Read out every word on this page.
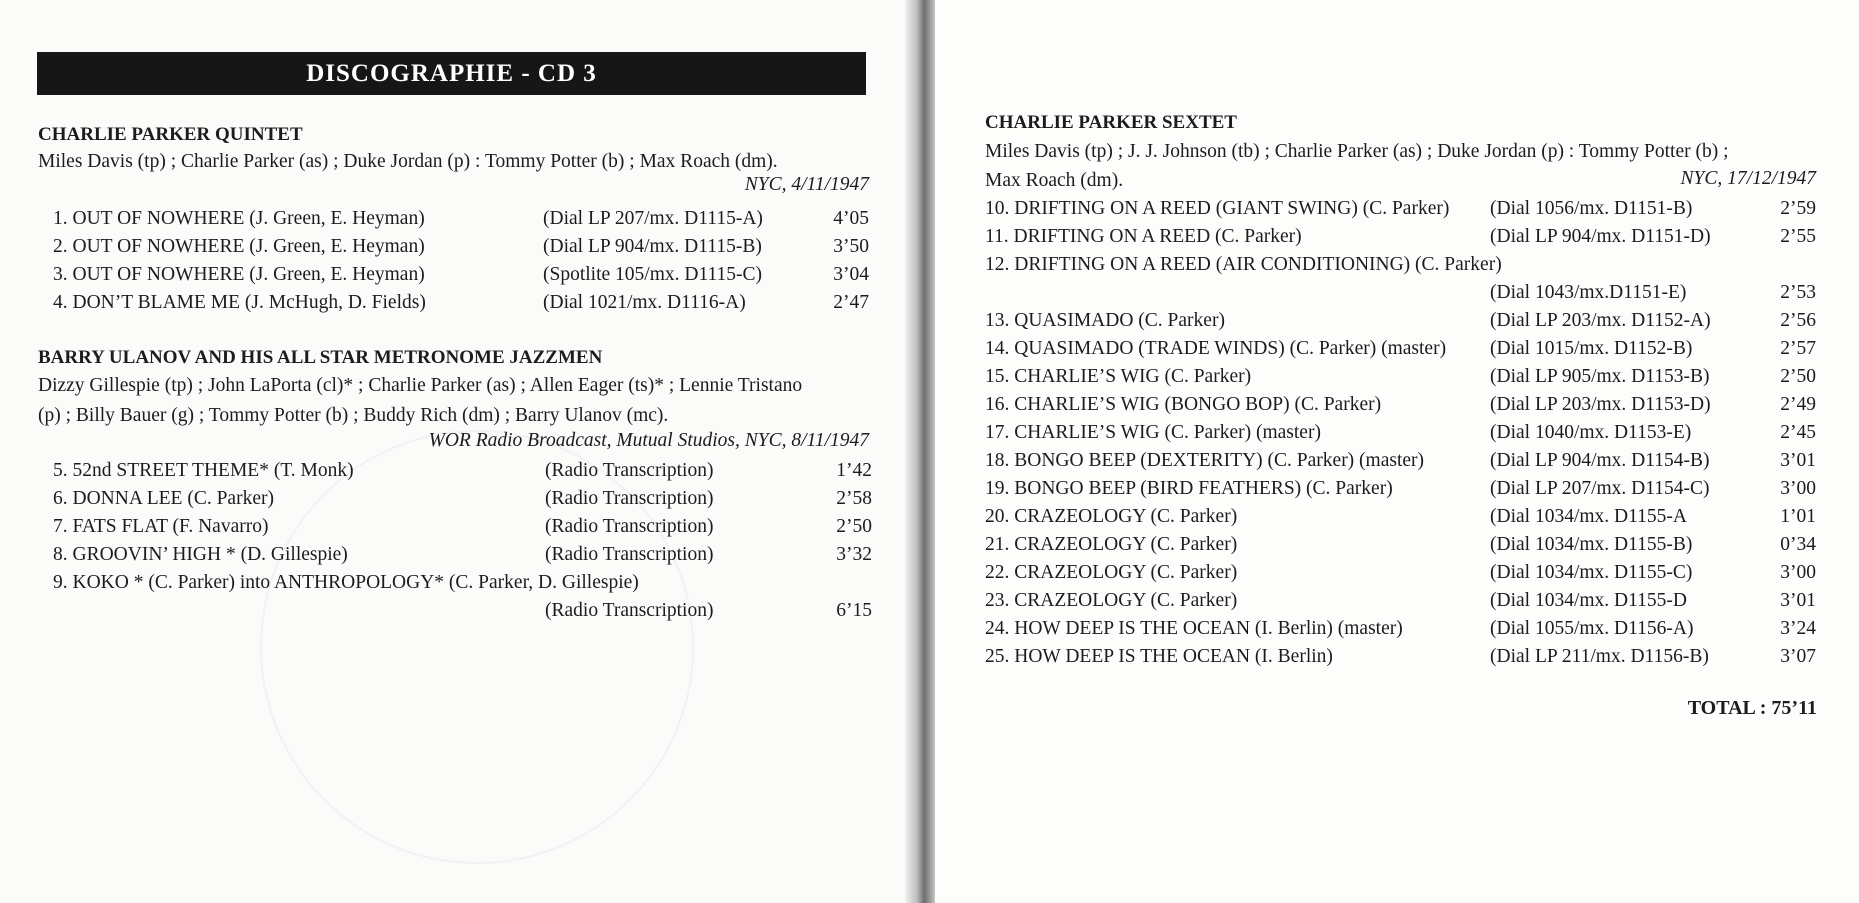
DISCOGRAPHIE - CD 3
CHARLIE PARKER QUINTET
Miles Davis (tp) ; Charlie Parker (as) ; Duke Jordan (p) : Tommy Potter (b) ; Max Roach (dm).
NYC, 4/11/1947
1. OUT OF NOWHERE (J. Green, E. Heyman)	(Dial LP 207/mx. D1115-A)	4’05
2. OUT OF NOWHERE (J. Green, E. Heyman)	(Dial LP 904/mx. D1115-B)	3’50
3. OUT OF NOWHERE (J. Green, E. Heyman)	(Spotlite 105/mx. D1115-C)	3’04
4. DON’T BLAME ME (J. McHugh, D. Fields)	(Dial 1021/mx. D1116-A)	2’47
BARRY ULANOV AND HIS ALL STAR METRONOME JAZZMEN
Dizzy Gillespie (tp) ; John LaPorta (cl)* ; Charlie Parker (as) ; Allen Eager (ts)* ; Lennie Tristano
(p) ; Billy Bauer (g) ; Tommy Potter (b) ; Buddy Rich (dm) ; Barry Ulanov (mc).
WOR Radio Broadcast, Mutual Studios, NYC, 8/11/1947
5. 52nd STREET THEME* (T. Monk)	(Radio Transcription)	1’42
6. DONNA LEE (C. Parker)	(Radio Transcription)	2’58
7. FATS FLAT (F. Navarro)	(Radio Transcription)	2’50
8. GROOVIN’ HIGH * (D. Gillespie)	(Radio Transcription)	3’32
9. KOKO * (C. Parker) into ANTHROPOLOGY* (C. Parker, D. Gillespie)
(Radio Transcription)	6’15
CHARLIE PARKER SEXTET
Miles Davis (tp) ; J. J. Johnson (tb) ; Charlie Parker (as) ; Duke Jordan (p) : Tommy Potter (b) ;
Max Roach (dm).	NYC, 17/12/1947
10. DRIFTING ON A REED (GIANT SWING) (C. Parker) (Dial 1056/mx. D1151-B)	2’59
11. DRIFTING ON A REED (C. Parker)	(Dial LP 904/mx. D1151-D)	2’55
12. DRIFTING ON A REED (AIR CONDITIONING) (C. Parker)
(Dial 1043/mx.D1151-E)	2’53
13. QUASIMADO (C. Parker)	(Dial LP 203/mx. D1152-A)	2’56
14. QUASIMADO (TRADE WINDS) (C. Parker) (master) (Dial 1015/mx. D1152-B)	2’57
15. CHARLIE’S WIG (C. Parker)	(Dial LP 905/mx. D1153-B)	2’50
16. CHARLIE’S WIG (BONGO BOP) (C. Parker)	(Dial LP 203/mx. D1153-D)	2’49
17. CHARLIE’S WIG (C. Parker) (master)	(Dial 1040/mx. D1153-E)	2’45
18. BONGO BEEP (DEXTERITY) (C. Parker) (master)	(Dial LP 904/mx. D1154-B)	3’01
19. BONGO BEEP (BIRD FEATHERS) (C. Parker)	(Dial LP 207/mx. D1154-C)	3’00
20. CRAZEOLOGY (C. Parker)	(Dial 1034/mx. D1155-A	1’01
21. CRAZEOLOGY (C. Parker)	(Dial 1034/mx. D1155-B)	0’34
22. CRAZEOLOGY (C. Parker)	(Dial 1034/mx. D1155-C)	3’00
23. CRAZEOLOGY (C. Parker)	(Dial 1034/mx. D1155-D	3’01
24. HOW DEEP IS THE OCEAN (I. Berlin) (master)	(Dial 1055/mx. D1156-A)	3’24
25. HOW DEEP IS THE OCEAN (I. Berlin)	(Dial LP 211/mx. D1156-B)	3’07
TOTAL : 75’11
